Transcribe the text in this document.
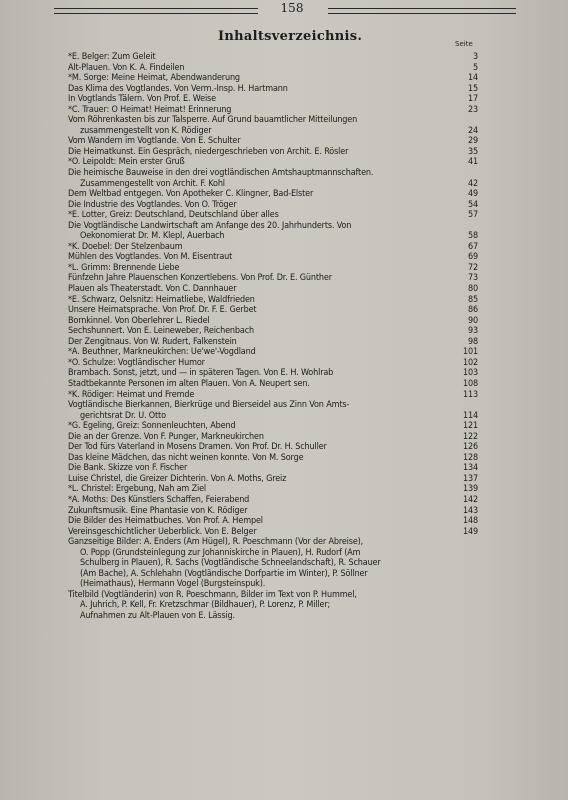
158
Inhaltsverzeichnis.	Seite
*E. Belger: Zum Geleit	3
Alt-Plauen. Von K. A. Findeilen	5
*M. Sorge: Meine Heimat, Abendwanderung	14
Das Klima des Vogtlandes. Von Verm.-Insp. H. Hartmann	15
In Vogtlands Tälern. Von Prof. E. Weise	17
*C. Trauer: O Heimat! Heimat! Erinnerung	23
Vom Röhrenkasten bis zur Talsperre. Auf Grund bauamtlicher Mitteilungen
zusammengestellt von K. Rödiger	24
Vom Wandern im Vogtlande. Von E. Schulter	29
Die Heimatkunst. Ein Gespräch, niedergeschrieben von Archit. E. Rösler	35
*O. Leipoldt: Mein erster Gruß	41
Die heimische Bauweise in den drei vogtländischen Amtshauptmannschaften.
Zusammengestellt von Archit. F. Kohl	42
Dem Weltbad entgegen. Von Apotheker C. Klingner, Bad-Elster	49
Die Industrie des Vogtlandes. Von O. Tröger	54
*E. Lotter, Greiz: Deutschland, Deutschland über alles	57
Die Vogtländische Landwirtschaft am Anfange des 20. Jahrhunderts. Von
Oekonomierat Dr. M. Klepl, Auerbach	58
*K. Doebel: Der Stelzenbaum	67
Mühlen des Vogtlandes. Von M. Eisentraut	69
*L. Grimm: Brennende Liebe	72
Fünfzehn Jahre Plauenschen Konzertlebens. Von Prof. Dr. E. Günther	73
Plauen als Theaterstadt. Von C. Dannhauer	80
*E. Schwarz, Oelsnitz: Heimatliebe, Waldfrieden	85
Unsere Heimatsprache. Von Prof. Dr. F. E. Gerbet	86
Bornkinnel. Von Oberlehrer L. Riedel	90
Sechshunnert. Von E. Leineweber, Reichenbach	93
Der Zengitnaus. Von W. Rudert, Falkenstein	98
*A. Beuthner, Markneukirchen: Ue'we'-Vogdland	101
*O. Schulze: Vogtländischer Humor	102
Brambach. Sonst, jetzt, und — in späteren Tagen. Von E. H. Wohlrab	103
Stadtbekannte Personen im alten Plauen. Von A. Neupert sen.	108
*K. Rödiger: Heimat und Fremde	113
Vogtländische Bierkannen, Bierkrüge und Bierseidel aus Zinn Von Amts-
gerichtsrat Dr. U. Otto	114
*G. Egeling, Greiz: Sonnenleuchten, Abend	121
Die an der Grenze. Von F. Punger, Markneukirchen	122
Der Tod fürs Vaterland in Mosens Dramen. Von Prof. Dr. H. Schuller	126
Das kleine Mädchen, das nicht weinen konnte. Von M. Sorge	128
Die Bank. Skizze von F. Fischer	134
Luise Christel, die Greizer Dichterin. Von A. Moths, Greiz	137
*L. Christel: Ergebung, Nah am Ziel	139
*A. Moths: Des Künstlers Schaffen, Feierabend	142
Zukunftsmusik. Eine Phantasie von K. Rödiger	143
Die Bilder des Heimatbuches. Von Prof. A. Hempel	148
Vereinsgeschichtlicher Ueberblick. Von E. Belger	149
Ganzseitige Bilder: A. Enders (Am Hügel), R. Poeschmann (Vor der Abreise),
O. Popp (Grundsteinlegung zur Johanniskirche in Plauen), H. Rudorf (Am
Schulberg in Plauen), R. Sachs (Vogtländische Schneelandschaft), R. Schauer
(Am Bache), A. Schlehahn (Vogtländische Dorfpartie im Winter), P. Söllner
(Heimathaus), Hermann Vogel (Burgsteinspuk).
Titelbild (Vogtländerin) von R. Poeschmann, Bilder im Text von P. Hummel,
A. Juhrich, P. Kell, Fr. Kretzschmar (Bildhauer), P. Lorenz, P. Miller;
Aufnahmen zu Alt-Plauen von E. Lässig.
